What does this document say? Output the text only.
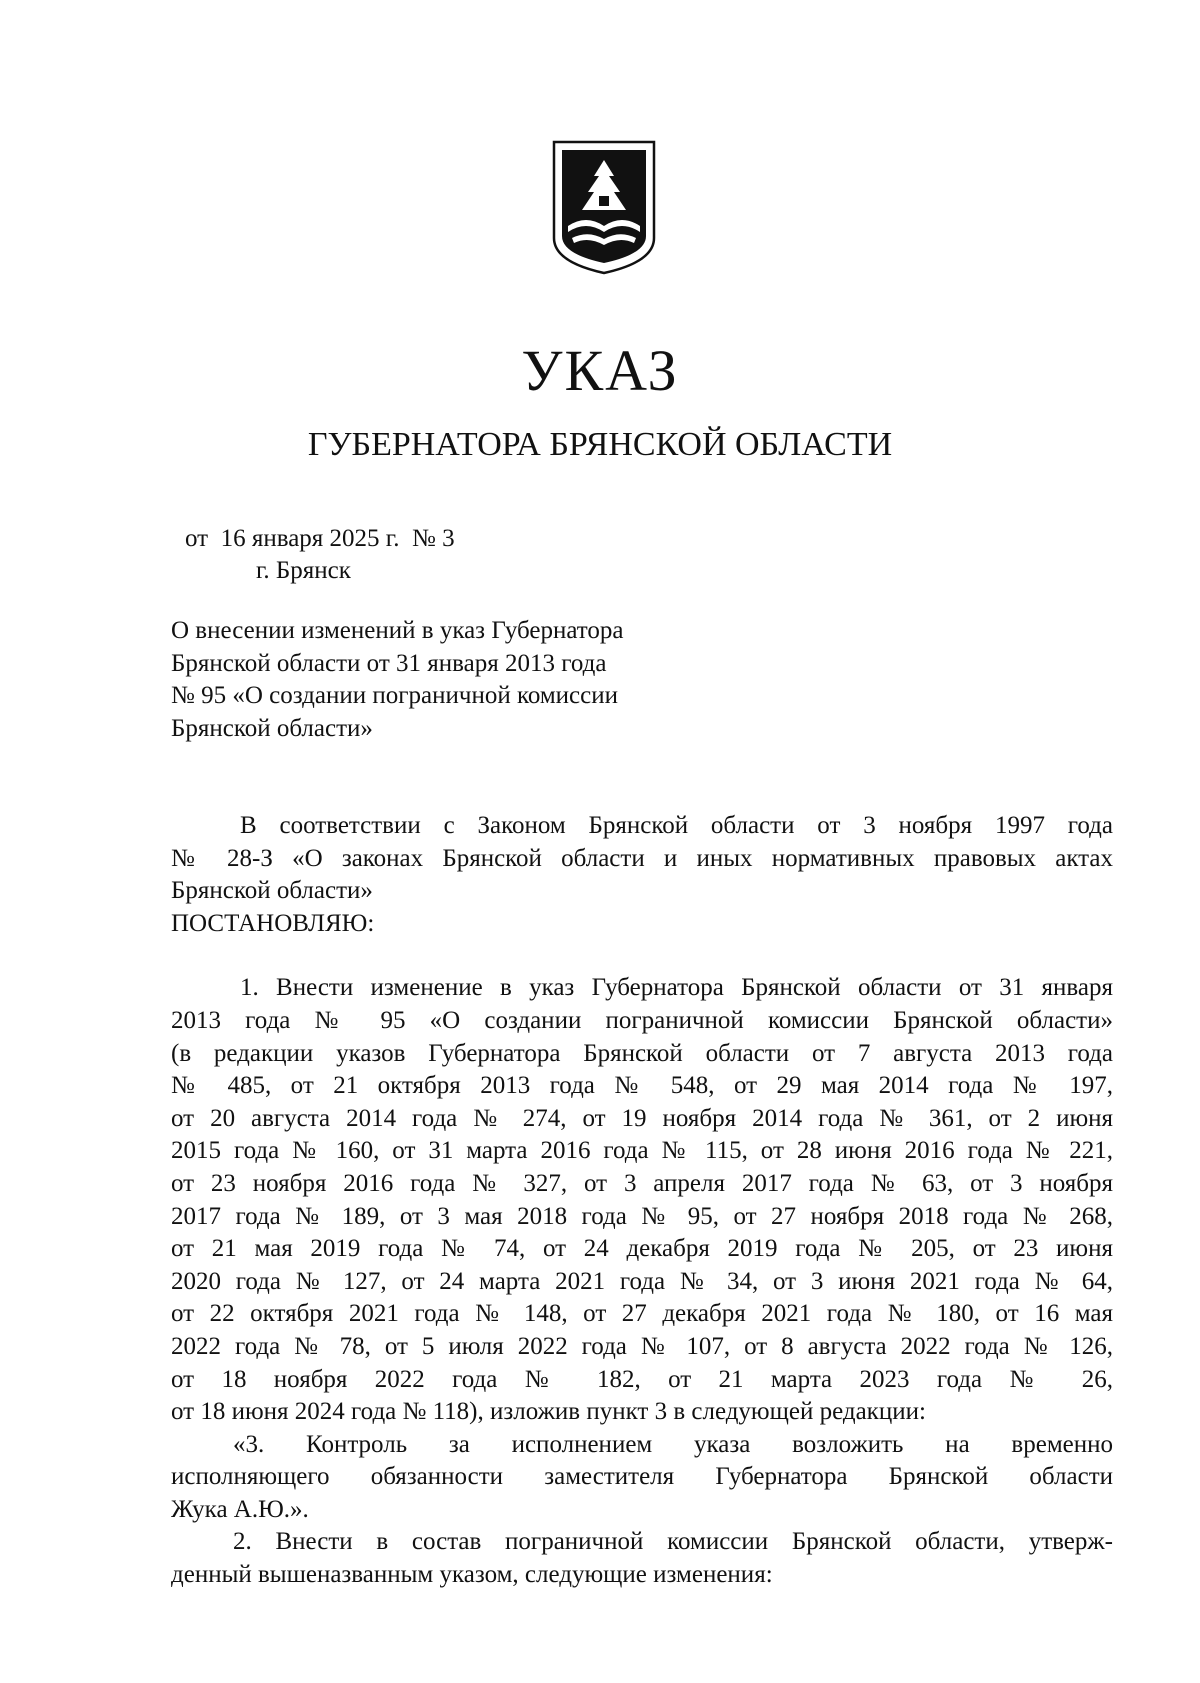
УКАЗ
ГУБЕРНАТОРА БРЯНСКОЙ ОБЛАСТИ
от  16 января 2025 г.  № 3
г. Брянск
О внесении изменений в указ Губернатора
Брянской области от 31 января 2013 года
№ 95 «О создании пограничной комиссии
Брянской области»
В соответствии с Законом Брянской области от 3 ноября 1997 года
№ 28-З «О законах Брянской области и иных нормативных правовых актах
Брянской области»
ПОСТАНОВЛЯЮ:
1. Внести изменение в указ Губернатора Брянской области от 31 января
2013 года № 95 «О создании пограничной комиссии Брянской области»
(в редакции указов Губернатора Брянской области от 7 августа 2013 года
№ 485, от 21 октября 2013 года № 548, от 29 мая 2014 года № 197,
от 20 августа 2014 года № 274, от 19 ноября 2014 года № 361, от 2 июня
2015 года № 160, от 31 марта 2016 года № 115, от 28 июня 2016 года № 221,
от 23 ноября 2016 года № 327, от 3 апреля 2017 года № 63, от 3 ноября
2017 года № 189, от 3 мая 2018 года № 95, от 27 ноября 2018 года № 268,
от 21 мая 2019 года № 74, от 24 декабря 2019 года № 205, от 23 июня
2020 года № 127, от 24 марта 2021 года № 34, от 3 июня 2021 года № 64,
от 22 октября 2021 года № 148, от 27 декабря 2021 года № 180, от 16 мая
2022 года № 78, от 5 июля 2022 года № 107, от 8 августа 2022 года № 126,
от 18 ноября 2022 года № 182, от 21 марта 2023 года № 26,
от 18 июня 2024 года № 118), изложив пункт 3 в следующей редакции:
«3. Контроль за исполнением указа возложить на временно
исполняющего обязанности заместителя Губернатора Брянской области
Жука А.Ю.».
2. Внести в состав пограничной комиссии Брянской области, утверж-
денный вышеназванным указом, следующие изменения:
